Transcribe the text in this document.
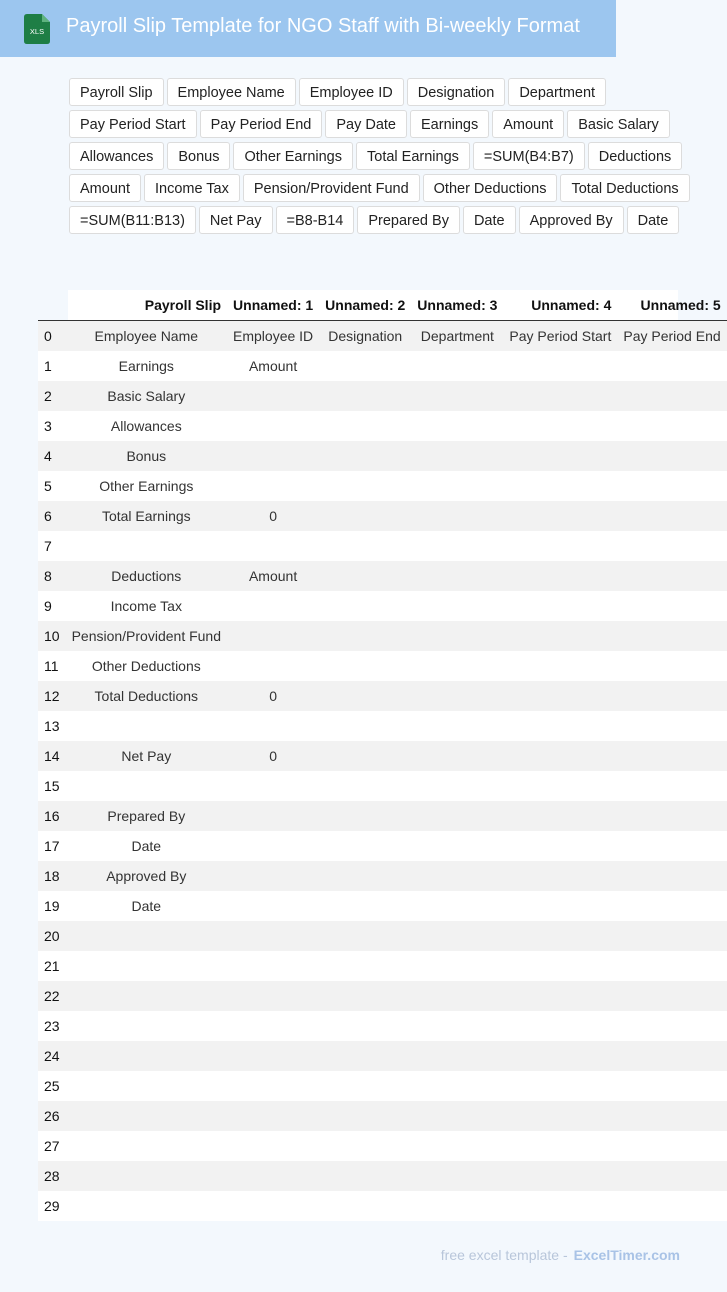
XLS Payroll Slip Template for NGO Staff with Bi-weekly Format
Payroll Slip	Employee Name	Employee ID	Designation	Department
Pay Period Start	Pay Period End	Pay Date	Earnings	Amount	Basic Salary
Allowances	Bonus	Other Earnings	Total Earnings	=SUM(B4:B7)	Deductions
Amount	Income Tax	Pension/Provident Fund	Other Deductions	Total Deductions
=SUM(B11:B13)	Net Pay	=B8-B14	Prepared By	Date	Approved By	Date
	Payroll Slip	Unnamed: 1	Unnamed: 2	Unnamed: 3	Unnamed: 4	Unnamed: 5
0	Employee Name	Employee ID	Designation	Department	Pay Period Start	Pay Period End
1	Earnings	Amount				
2	Basic Salary					
3	Allowances					
4	Bonus					
5	Other Earnings					
6	Total Earnings	0				
7						
8	Deductions	Amount				
9	Income Tax					
10	Pension/Provident Fund					
11	Other Deductions					
12	Total Deductions	0				
13						
14	Net Pay	0				
15						
16	Prepared By					
17	Date					
18	Approved By					
19	Date					
20						
21						
22						
23						
24						
25						
26						
27						
28						
29						
free excel template - ExcelTimer.com
